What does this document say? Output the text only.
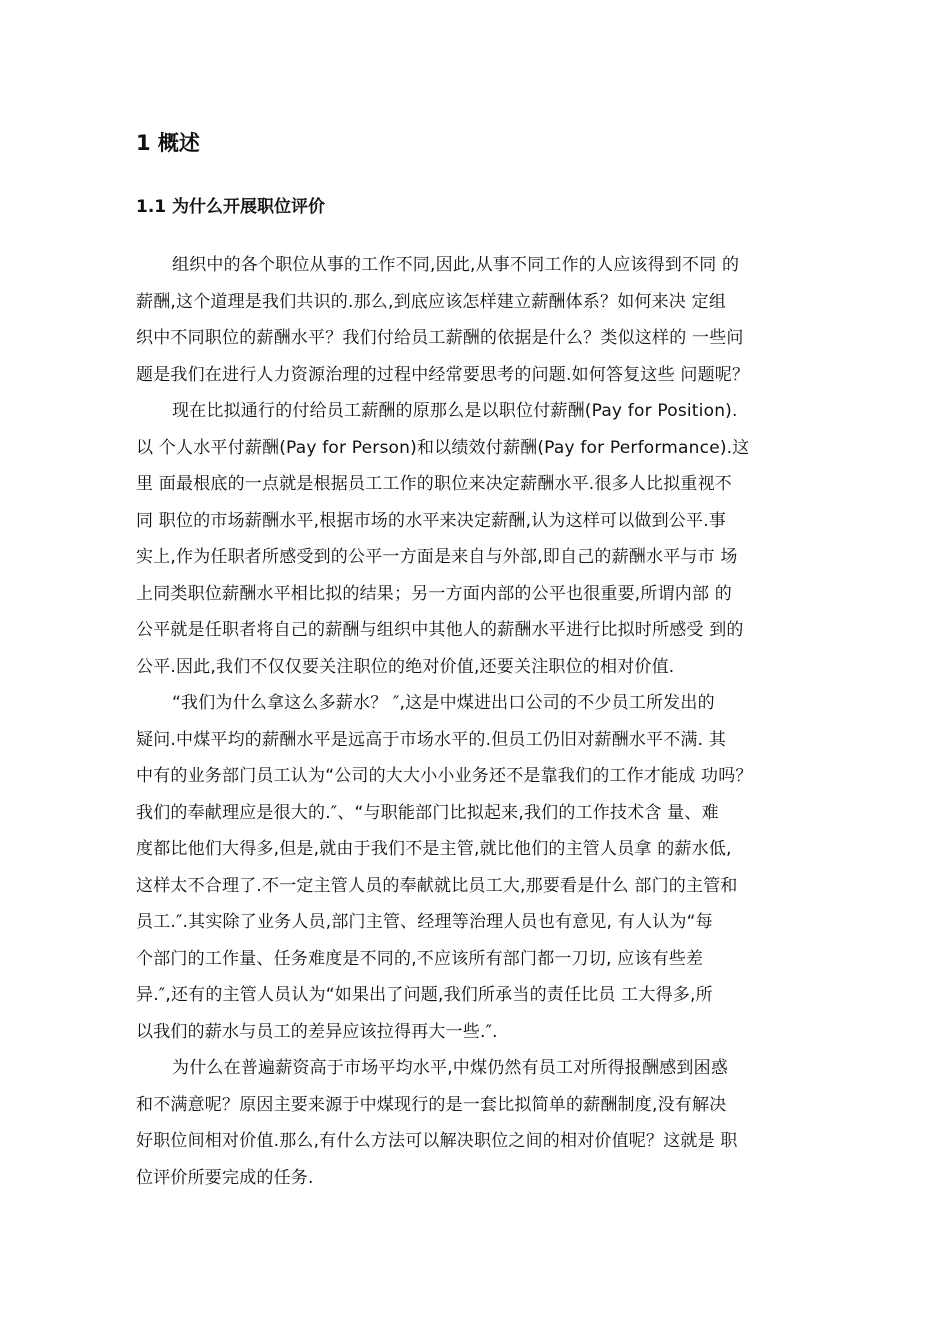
1 概述
1.1 为什么开展职位评价
组织中的各个职位从事的工作不同,因此,从事不同工作的人应该得到不同 的
薪酬,这个道理是我们共识的.那么,到底应该怎样建立薪酬体系？如何来决 定组
织中不同职位的薪酬水平？我们付给员工薪酬的依据是什么？类似这样的 一些问
题是我们在进行人力资源治理的过程中经常要思考的问题.如何答复这些 问题呢？
现在比拟通行的付给员工薪酬的原那么是以职位付薪酬(Pay for Position).
以 个人水平付薪酬(Pay for Person)和以绩效付薪酬(Pay for Performance).这
里 面最根底的一点就是根据员工工作的职位来决定薪酬水平.很多人比拟重视不
同 职位的市场薪酬水平,根据市场的水平来决定薪酬,认为这样可以做到公平.事
实上,作为任职者所感受到的公平一方面是来自与外部,即自己的薪酬水平与市 场
上同类职位薪酬水平相比拟的结果；另一方面内部的公平也很重要,所谓内部 的
公平就是任职者将自己的薪酬与组织中其他人的薪酬水平进行比拟时所感受 到的
公平.因此,我们不仅仅要关注职位的绝对价值,还要关注职位的相对价值.
“我们为什么拿这么多薪水？ ″,这是中煤进出口公司的不少员工所发出的
疑问.中煤平均的薪酬水平是远高于市场水平的.但员工仍旧对薪酬水平不满. 其
中有的业务部门员工认为“公司的大大小小业务还不是靠我们的工作才能成 功吗？
我们的奉献理应是很大的.″、“与职能部门比拟起来,我们的工作技术含 量、难
度都比他们大得多,但是,就由于我们不是主管,就比他们的主管人员拿 的薪水低,
这样太不合理了.不一定主管人员的奉献就比员工大,那要看是什么 部门的主管和
员工.″.其实除了业务人员,部门主管、经理等治理人员也有意见, 有人认为“每
个部门的工作量、任务难度是不同的,不应该所有部门都一刀切, 应该有些差
异.″,还有的主管人员认为“如果出了问题,我们所承当的责任比员 工大得多,所
以我们的薪水与员工的差异应该拉得再大一些.″.
为什么在普遍薪资高于市场平均水平,中煤仍然有员工对所得报酬感到困惑
和不满意呢？原因主要来源于中煤现行的是一套比拟简单的薪酬制度,没有解决
好职位间相对价值.那么,有什么方法可以解决职位之间的相对价值呢？这就是 职
位评价所要完成的任务.
